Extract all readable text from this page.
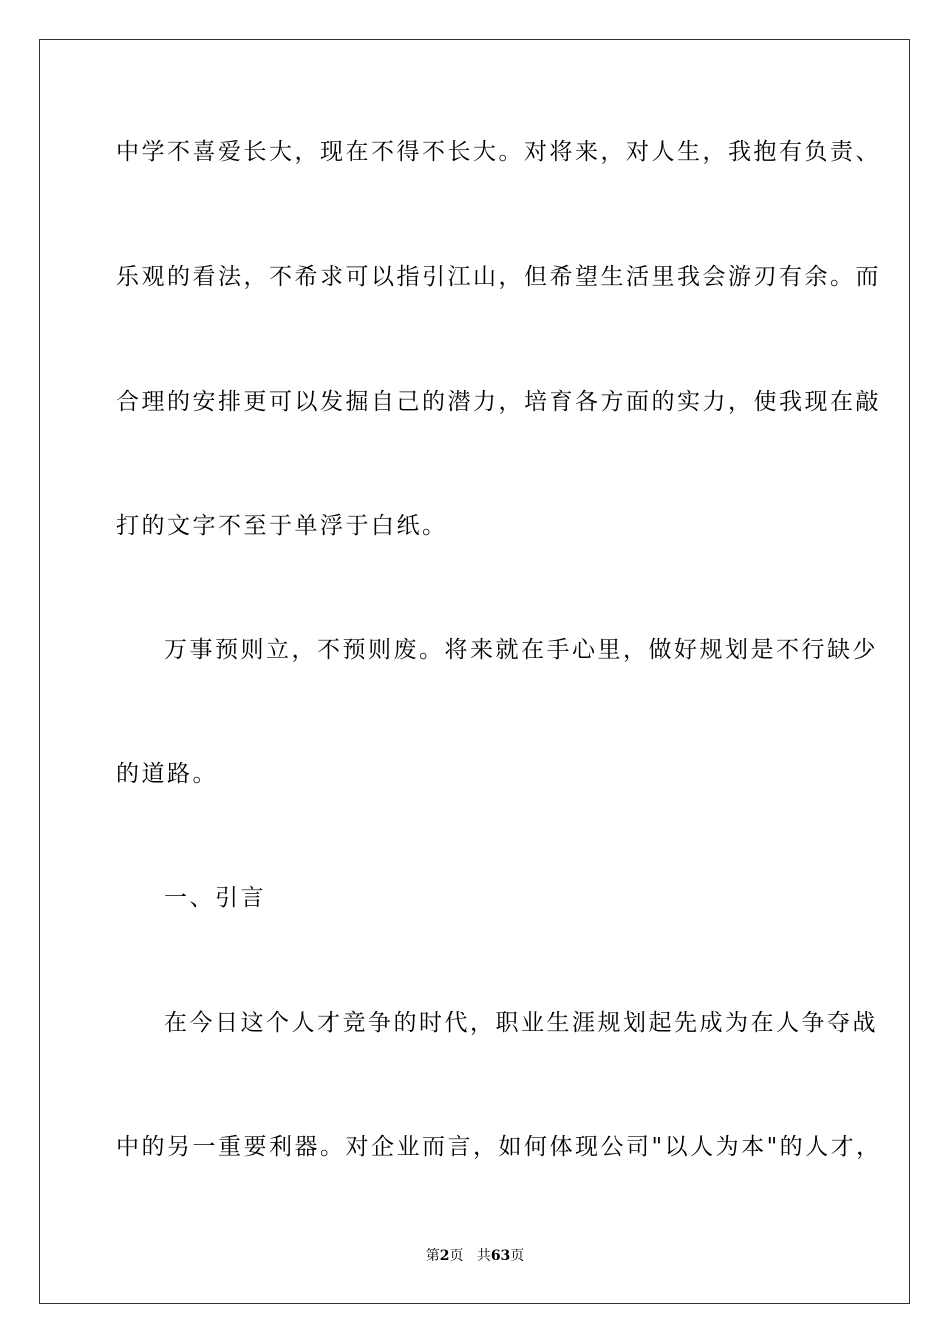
中学不喜爱长大，现在不得不长大。对将来，对人生，我抱有负责、
乐观的看法，不希求可以指引江山，但希望生活里我会游刃有余。而
合理的安排更可以发掘自己的潜力，培育各方面的实力，使我现在敲
打的文字不至于单浮于白纸。
万事预则立，不预则废。将来就在手心里，做好规划是不行缺少
的道路。
一、引言
在今日这个人才竞争的时代，职业生涯规划起先成为在人争夺战
中的另一重要利器。对企业而言，如何体现公司"以人为本"的人才，
第2页 共63页
